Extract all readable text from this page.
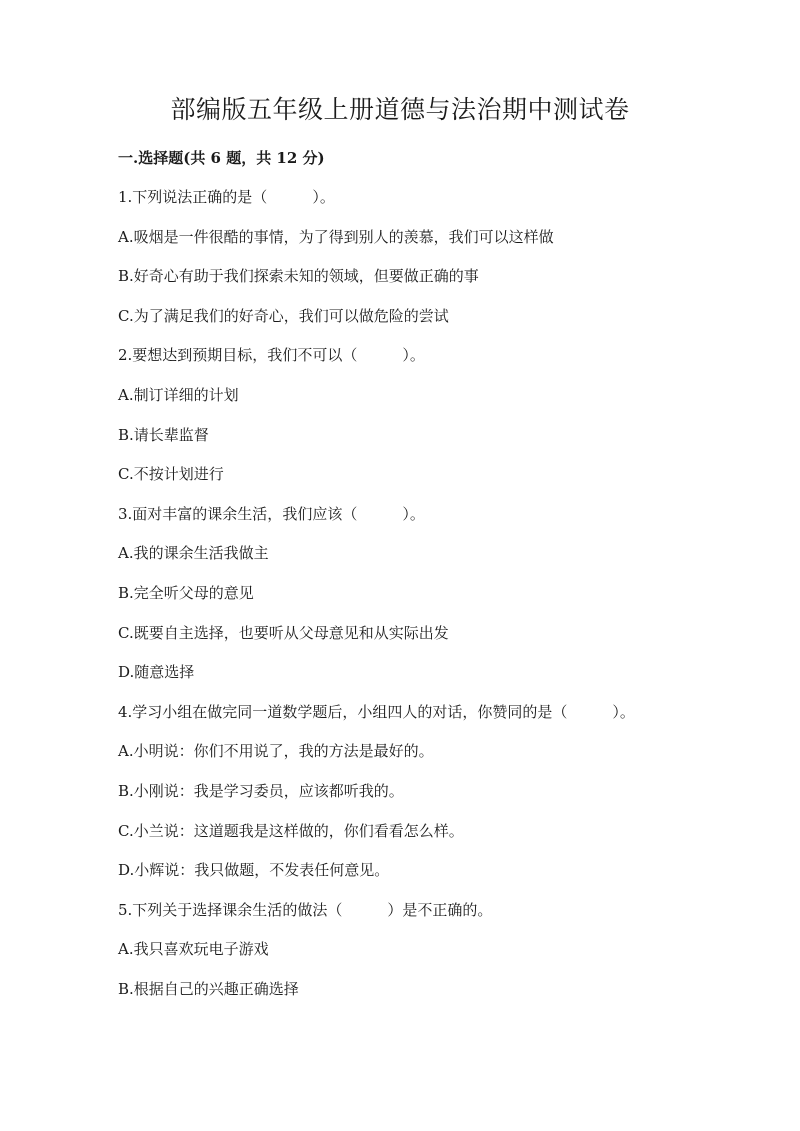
部编版五年级上册道德与法治期中测试卷
一.选择题(共 6 题，共 12 分)
1.下列说法正确的是（　　　）。
A.吸烟是一件很酷的事情，为了得到别人的羡慕，我们可以这样做
B.好奇心有助于我们探索未知的领域，但要做正确的事
C.为了满足我们的好奇心，我们可以做危险的尝试
2.要想达到预期目标，我们不可以（　　　）。
A.制订详细的计划
B.请长辈监督
C.不按计划进行
3.面对丰富的课余生活，我们应该（　　　）。
A.我的课余生活我做主
B.完全听父母的意见
C.既要自主选择，也要听从父母意见和从实际出发
D.随意选择
4.学习小组在做完同一道数学题后，小组四人的对话，你赞同的是（　　　）。
A.小明说：你们不用说了，我的方法是最好的。
B.小刚说：我是学习委员，应该都听我的。
C.小兰说：这道题我是这样做的，你们看看怎么样。
D.小辉说：我只做题，不发表任何意见。
5.下列关于选择课余生活的做法（　　　）是不正确的。
A.我只喜欢玩电子游戏
B.根据自己的兴趣正确选择
